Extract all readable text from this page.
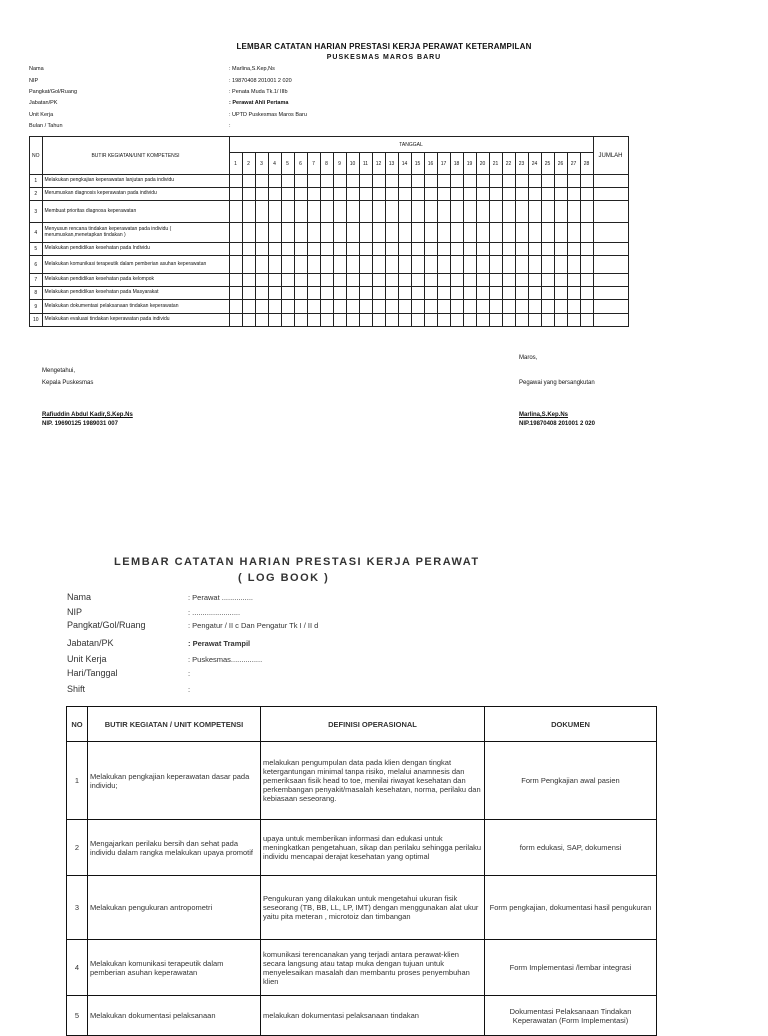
LEMBAR CATATAN HARIAN PRESTASI KERJA PERAWAT KETERAMPILAN
PUSKESMAS MAROS BARU
Nama	: Marlina,S.Kep,Ns
NIP	: 19870408 201001 2 020
Pangkat/Gol/Ruang	: Penata Muda Tk.1/ IIIb
Jabatan/PK	: Perawat Ahli Pertama
Unit Kerja	: UPTD Puskesmas Maros Baru
Bulan / Tahun	:
NO	BUTIR KEGIATAN/UNIT KOMPETENSI	TANGGAL																												JUMLAH
		1	2	3	4	5	6	7	8	9	10	11	12	13	14	15	16	17	18	19	20	21	22	23	24	25	26	27	28	
1	Melakukan pengkajian keperawatan lanjutan pada individu																													
2	Merumuskan diagnosis keperawatan pada individu																													
3	Membuat prioritas diagnosa keperawatan																													
4	Menyusun rencana tindakan keperawatan pada individu ( merumuskan,menetapkan tindakan )																													
5	Melakukan pendidikan kesehatan pada Individu																													
6	Melakukan komunikasi terapeutik dalam pemberian asuhan keperawatan																													
7	Melakukan pendidikan kesehatan pada kelompok																													
8	Melakukan pendidikan kesehatan pada Masyarakat																													
9	Melakukan dokumentasi pelaksanaan tindakan keperawatan																													
10	Melakukan evaluasi tindakan keperawatan pada individu																													
Maros,
Mengetahui,
Kepala Puskesmas	Pegawai yang bersangkutan
Rafiuddin Abdul Kadir,S.Kep.Ns
NIP. 19690125 1989031 007
Marlina,S.Kep.Ns
NIP.19870408 201001 2 020
LEMBAR CATATAN HARIAN PRESTASI KERJA PERAWAT
( LOG BOOK )
Nama	: Perawat ...............
NIP	: .......................
Pangkat/Gol/Ruang	: Pengatur / II c Dan Pengatur Tk I / II d
Jabatan/PK	: Perawat Trampil
Unit Kerja	: Puskesmas...............
Hari/Tanggal	:
Shift	:
NO	BUTIR KEGIATAN / UNIT KOMPETENSI	DEFINISI OPERASIONAL	DOKUMEN
1	Melakukan pengkajian keperawatan dasar pada individu;	melakukan pengumpulan data pada klien dengan tingkat ketergantungan minimal tanpa risiko, melalui anamnesis dan pemeriksaan fisik head to toe, menilai riwayat kesehatan dan perkembangan penyakit/masalah kesehatan, norma, perilaku dan kebiasaan seseorang.	Form Pengkajian awal pasien
2	Mengajarkan perilaku bersih dan sehat pada individu dalam rangka melakukan upaya promotif	upaya untuk memberikan informasi dan edukasi untuk meningkatkan pengetahuan, sikap dan perilaku sehingga perilaku individu mencapai derajat kesehatan yang optimal	form edukasi, SAP, dokumensi
3	Melakukan pengukuran antropometri	Pengukuran yang dilakukan untuk mengetahui ukuran fisik seseorang (TB, BB, LL, LP, IMT) dengan menggunakan alat ukur yaitu pita meteran , microtoiz dan timbangan	Form pengkajian, dokumentasi hasil pengukuran
4	Melakukan komunikasi terapeutik dalam pemberian asuhan keperawatan	komunikasi terencanakan yang terjadi antara perawat-klien secara langsung atau tatap muka dengan tujuan untuk menyelesaikan masalah dan membantu proses penyembuhan klien	Form Implementasi /lembar integrasi
5	Melakukan dokumentasi pelaksanaan	melakukan dokumentasi pelaksanaan tindakan	Dokumentasi Pelaksanaan Tindakan Keperawatan (Form Implementasi)
